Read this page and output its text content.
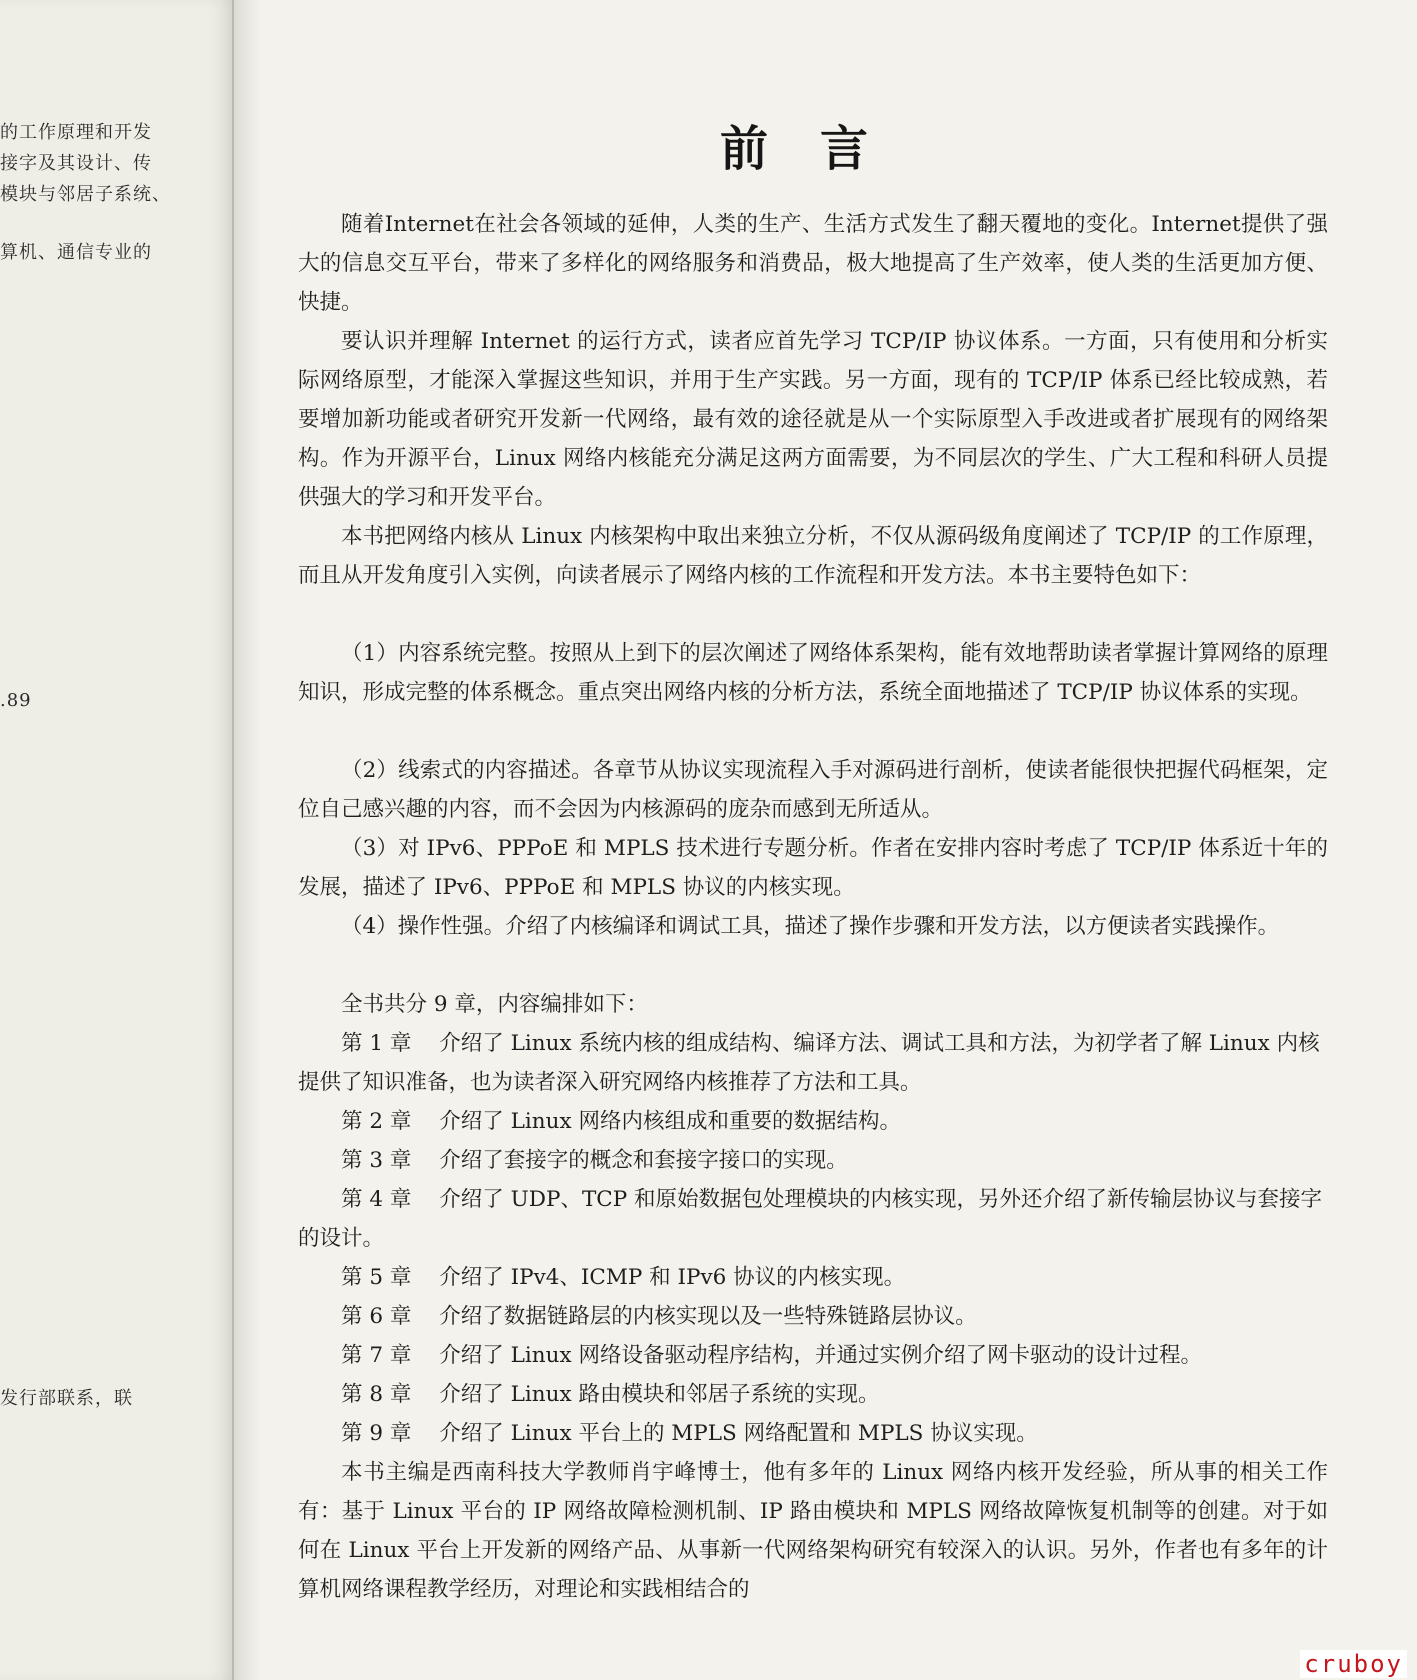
的工作原理和开发
接字及其设计、传
模块与邻居子系统、
算机、通信专业的
.89
发行部联系，联
前言

随着Internet在社会各领域的延伸，人类的生产、生活方式发生了翻天覆地的变化。Internet提供了强大的信息交互平台，带来了多样化的网络服务和消费品，极大地提高了生产效率，使人类的生活更加方便、快捷。

要认识并理解 Internet 的运行方式，读者应首先学习 TCP/IP 协议体系。一方面，只有使用和分析实际网络原型，才能深入掌握这些知识，并用于生产实践。另一方面，现有的 TCP/IP 体系已经比较成熟，若要增加新功能或者研究开发新一代网络，最有效的途径就是从一个实际原型入手改进或者扩展现有的网络架构。作为开源平台，Linux 网络内核能充分满足这两方面需要，为不同层次的学生、广大工程和科研人员提供强大的学习和开发平台。

本书把网络内核从 Linux 内核架构中取出来独立分析，不仅从源码级角度阐述了 TCP/IP 的工作原理，而且从开发角度引入实例，向读者展示了网络内核的工作流程和开发方法。本书主要特色如下：

（1）内容系统完整。按照从上到下的层次阐述了网络体系架构，能有效地帮助读者掌握计算网络的原理知识，形成完整的体系概念。重点突出网络内核的分析方法，系统全面地描述了 TCP/IP 协议体系的实现。

（2）线索式的内容描述。各章节从协议实现流程入手对源码进行剖析，使读者能很快把握代码框架，定位自己感兴趣的内容，而不会因为内核源码的庞杂而感到无所适从。

（3）对 IPv6、PPPoE 和 MPLS 技术进行专题分析。作者在安排内容时考虑了 TCP/IP 体系近十年的发展，描述了 IPv6、PPPoE 和 MPLS 协议的内核实现。

（4）操作性强。介绍了内核编译和调试工具，描述了操作步骤和开发方法，以方便读者实践操作。

全书共分 9 章，内容编排如下：

第 1 章 介绍了 Linux 系统内核的组成结构、编译方法、调试工具和方法，为初学者了解 Linux 内核提供了知识准备，也为读者深入研究网络内核推荐了方法和工具。

第 2 章 介绍了 Linux 网络内核组成和重要的数据结构。

第 3 章 介绍了套接字的概念和套接字接口的实现。

第 4 章 介绍了 UDP、TCP 和原始数据包处理模块的内核实现，另外还介绍了新传输层协议与套接字的设计。

第 5 章 介绍了 IPv4、ICMP 和 IPv6 协议的内核实现。

第 6 章 介绍了数据链路层的内核实现以及一些特殊链路层协议。

第 7 章 介绍了 Linux 网络设备驱动程序结构，并通过实例介绍了网卡驱动的设计过程。

第 8 章 介绍了 Linux 路由模块和邻居子系统的实现。

第 9 章 介绍了 Linux 平台上的 MPLS 网络配置和 MPLS 协议实现。

本书主编是西南科技大学教师肖宇峰博士，他有多年的 Linux 网络内核开发经验，所从事的相关工作有：基于 Linux 平台的 IP 网络故障检测机制、IP 路由模块和 MPLS 网络故障恢复机制等的创建。对于如何在 Linux 平台上开发新的网络产品、从事新一代网络架构研究有较深入的认识。另外，作者也有多年的计算机网络课程教学经历，对理论和实践相结合的

cruboy
